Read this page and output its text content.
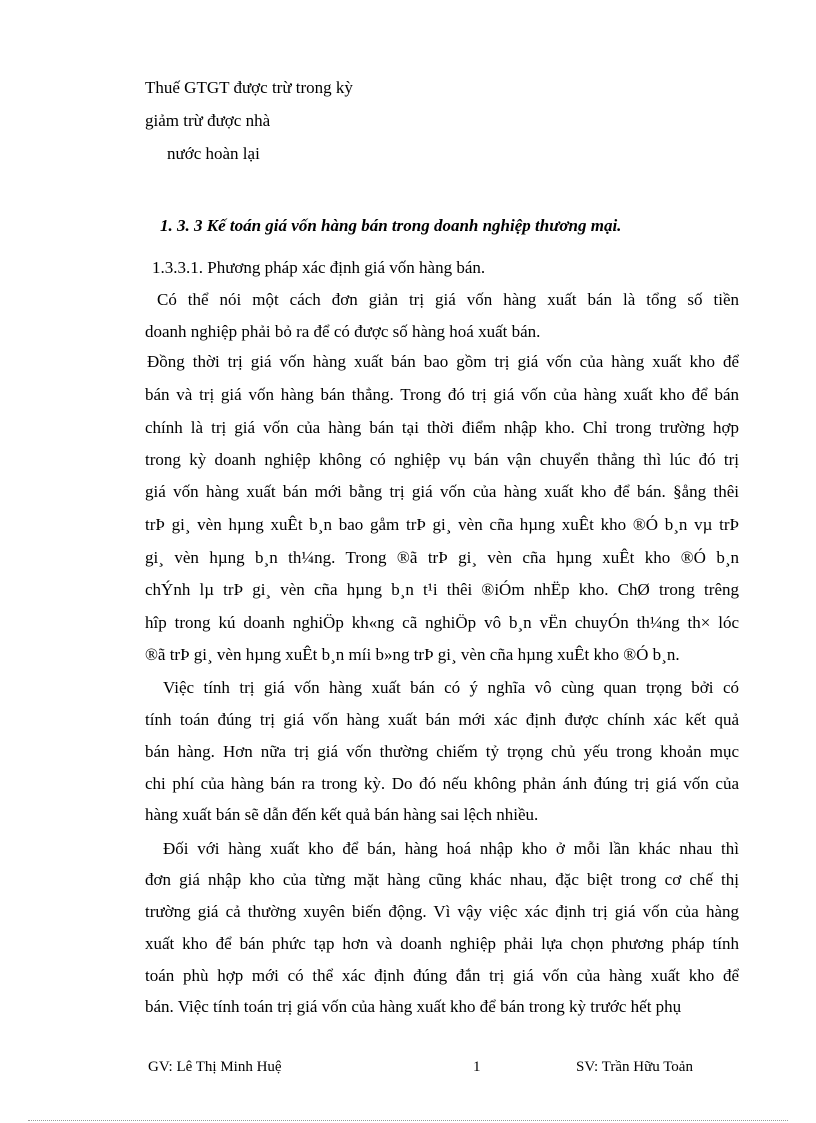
Thuế GTGT được trừ trong kỳ
giảm trừ được nhà
nước hoàn lại
1. 3. 3 Kế toán giá vốn hàng bán trong doanh nghiệp thương mại.
1.3.3.1. Phương pháp xác định giá vốn hàng bán.
Có thể nói một cách đơn giản trị giá vốn hàng xuất bán là tổng số tiền
doanh nghiệp phải bỏ ra để có được số hàng hoá xuất bán.
Đồng thời trị giá vốn hàng xuất bán bao gồm trị giá vốn của hàng xuất kho để
bán và trị giá vốn hàng bán thẳng. Trong đó trị giá vốn của hàng xuất kho để bán
chính là trị giá vốn của hàng bán tại thời điểm nhập kho. Chỉ trong trường hợp
trong kỳ doanh nghiệp không có nghiệp vụ bán vận chuyển thẳng thì lúc đó trị
giá vốn hàng xuất bán mới bằng trị giá vốn của hàng xuất kho để bán. §ång thêi
trÞ gi¸ vèn hµng xuÊt b¸n bao gåm trÞ gi¸ vèn cña hµng xuÊt kho ®Ó b¸n vµ trÞ
gi¸ vèn hµng b¸n th¼ng. Trong ®ã trÞ gi¸ vèn cña hµng xuÊt kho ®Ó b¸n
chÝnh lµ trÞ gi¸ vèn cña hµng b¸n t¹i thêi ®iÓm nhËp kho. ChØ trong trêng
hîp trong kú doanh nghiÖp kh«ng cã nghiÖp vô b¸n vËn chuyÓn th¼ng th× lóc
®ã trÞ gi¸ vèn hµng xuÊt b¸n míi b»ng trÞ gi¸ vèn cña hµng xuÊt kho ®Ó b¸n.
Việc tính trị giá vốn hàng xuất bán có ý nghĩa vô cùng quan trọng bởi có
tính toán đúng trị giá vốn hàng xuất bán mới xác định được chính xác kết quả
bán hàng. Hơn nữa trị giá vốn thường chiếm tỷ trọng chủ yếu trong khoản mục
chi phí của hàng bán ra trong kỳ. Do đó nếu không phản ánh đúng trị giá vốn của
hàng xuất bán sẽ dẫn đến kết quả bán hàng sai lệch nhiều.
Đối với hàng xuất kho để bán, hàng hoá nhập kho ở mỗi lần khác nhau thì
đơn giá nhập kho của từng mặt hàng cũng khác nhau, đặc biệt trong cơ chế thị
trường giá cả thường xuyên biến động. Vì vậy việc xác định trị giá vốn của hàng
xuất kho để bán phức tạp hơn và doanh nghiệp phải lựa chọn phương pháp tính
toán phù hợp mới có thể xác định đúng đắn trị giá vốn của hàng xuất kho để
bán. Việc tính toán trị giá vốn của hàng xuất kho để bán trong kỳ trước hết phụ
GV: Lê Thị Minh Huệ	1	SV: Trần Hữu Toản
